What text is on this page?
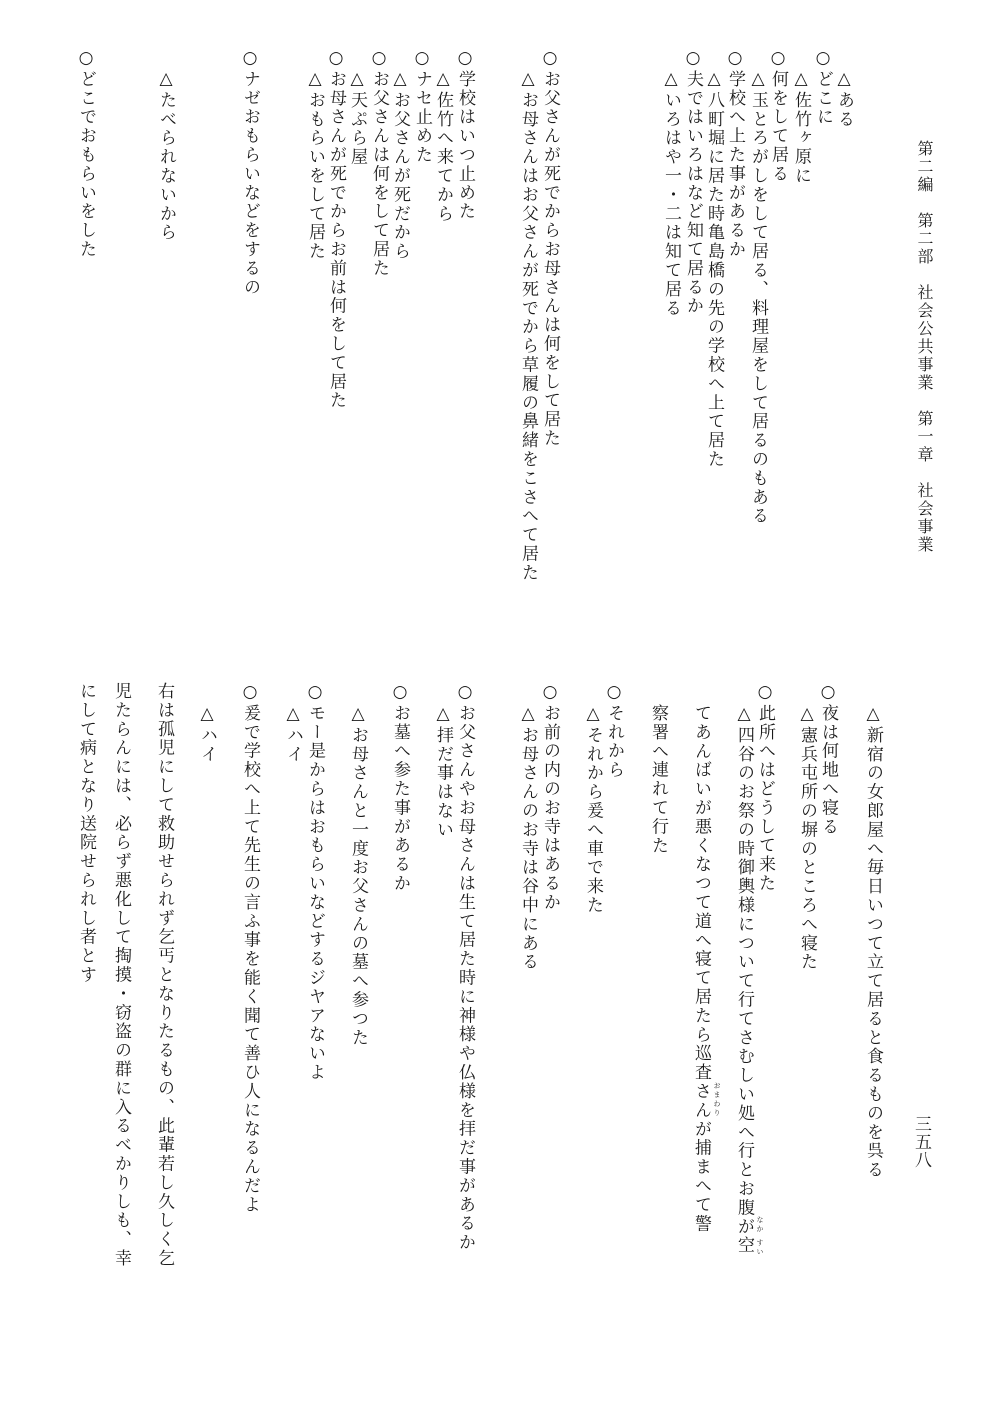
第二編　第二部　社会公共事業　第一章　社会事業
三五八
△ある
○どこに
△佐竹ヶ原に
○何をして居る
△玉とろがしをして居る、料理屋をして居るのもある
○学校へ上た事があるか
△八町堀に居た時亀島橋の先の学校へ上て居た
○夫ではいろはなど知て居るか
△いろはや一・二は知て居る
○お父さんが死でからお母さんは何をして居た
△お母さんはお父さんが死でから草履の鼻緒をこさへて居た
○学校はいつ止めた
△佐竹へ来てから
○ナセ止めた
△お父さんが死だから
○お父さんは何をして居た
△天ぷら屋
○お母さんが死でからお前は何をして居た
△おもらいをして居た
○ナゼおもらいなどをするの
△たべられないから
○どこでおもらいをした
△新宿の女郎屋へ毎日いつて立て居ると食るものを呉る
○夜は何地へ寝る
△憲兵屯所の塀のところへ寝た
○此所へはどうして来た
△四谷のお祭の時御輿様について行てさむしい処へ行とお腹が空
てあんばいが悪くなつて道へ寝て居たら巡査さんが捕まへて警
察署へ連れて行た
○それから
△それから爰へ車で来た
○お前の内のお寺はあるか
△お母さんのお寺は谷中にある
○お父さんやお母さんは生て居た時に神様や仏様を拝だ事があるか
△拝だ事はない
○お墓へ参た事があるか
△お母さんと一度お父さんの墓へ参つた
○モー是からはおもらいなどするジヤアないよ
△ハイ
○爰で学校へ上て先生の言ふ事を能く聞て善ひ人になるんだよ
△ハイ
右は孤児にして救助せられず乞丐となりたるもの、此輩若し久しく乞
児たらんには、必らず悪化して掏摸・窃盗の群に入るべかりしも、幸
にして病となり送院せられし者とす
なか
すい
おまわり
